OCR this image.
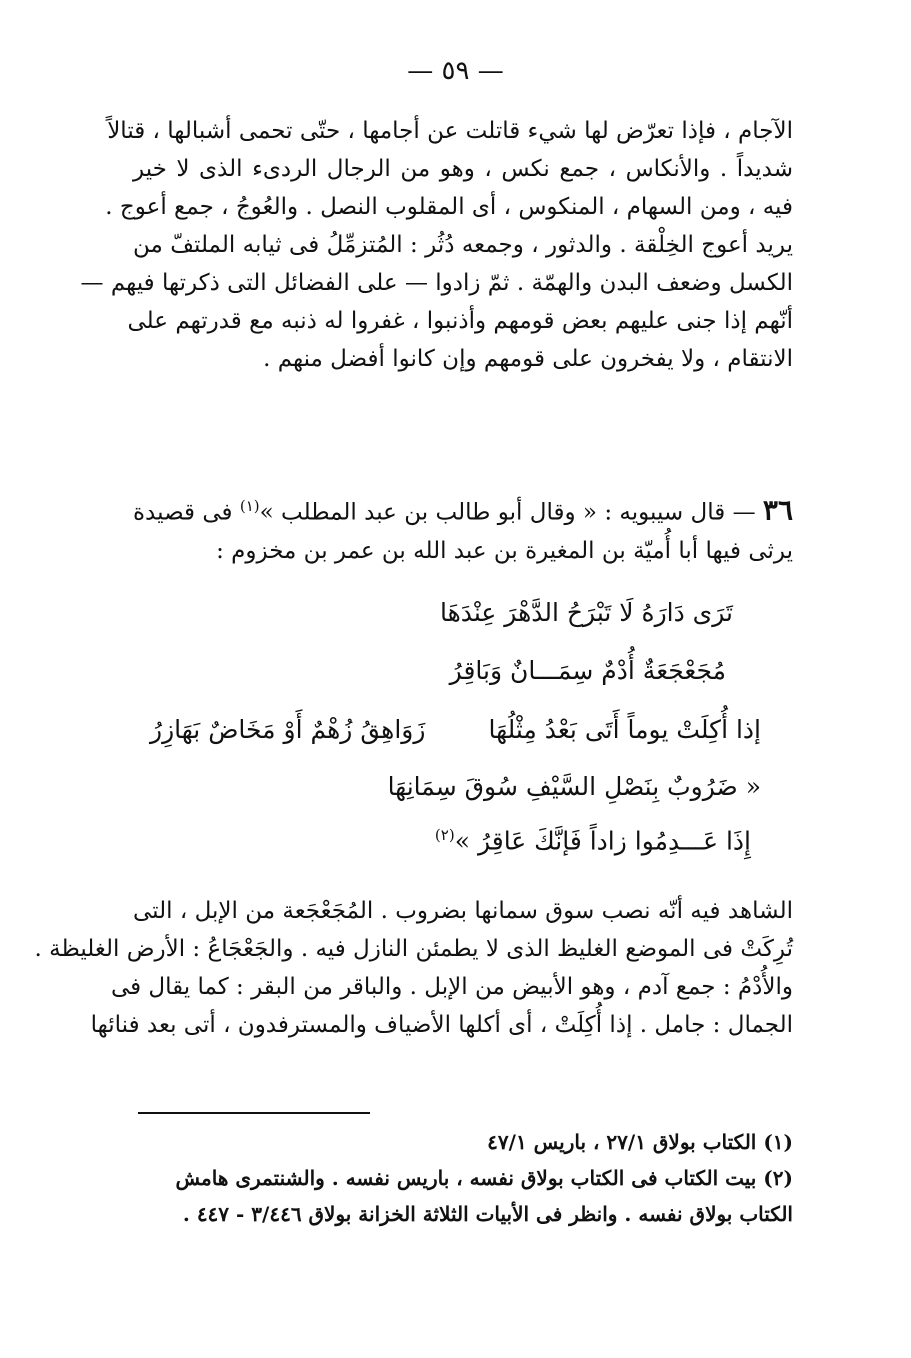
— ٥٩ —
الآجام ، فإذا تعرّض لها شيء قاتلت عن أجامها ، حتّى تحمى أشبالها ، قتالاً
شديداً . والأنكاس ، جمع نكس ، وهو من الرجال الردىء الذى لا خير
فيه ، ومن السهام ، المنكوس ، أى المقلوب النصل . والعُوجُ ، جمع أعوج .
يريد أعوج الخِلْقة . والدثور ، وجمعه دُثُر : المُتزمِّلُ فى ثيابه الملتفّ من
الكسل وضعف البدن والهمّة . ثمّ زادوا — على الفضائل التى ذكرتها فيهم —
أنّهم إذا جنى عليهم بعض قومهم وأذنبوا ، غفروا له ذنبه مع قدرتهم على
الانتقام ، ولا يفخرون على قومهم وإن كانوا أفضل منهم .
٣٦ — قال سيبويه : « وقال أبو طالب بن عبد المطلب »$^{(١)}$ فى قصيدة
يرثى فيها أبا أُميّة بن المغيرة بن عبد الله بن عمر بن مخزوم :
تَرَى دَارَهُ لَا تَبْرَحُ الدَّهْرَ عِنْدَهَا
مُجَعْجَعَةٌ أُدْمٌ سِمَـــانٌ وَبَاقِرُ
إذا أُكِلَتْ يوماً أَتَى بَعْدُ مِثْلُهَا
زَوَاهِقُ زُهْمٌ أَوْ مَخَاضٌ بَهَازِرُ
« ضَرُوبٌ بِنَصْلِ السَّيْفِ سُوقَ سِمَانِهَا
إِذَا عَـــدِمُوا زاداً فَإنَّكَ عَاقِرُ »$^{(٢)}$
الشاهد فيه أنّه نصب سوق سمانها بضروب . المُجَعْجَعة من الإبل ، التى
تُرِكَتْ فى الموضع الغليظ الذى لا يطمئن النازل فيه . والجَعْجَاعُ : الأرض الغليظة .
والأُدْمُ : جمع آدم ، وهو الأبيض من الإبل . والباقر من البقر : كما يقال فى
الجمال : جامل . إذا أُكِلَتْ ، أى أكلها الأضياف والمسترفدون ، أتى بعد فنائها
(١) الكتاب بولاق ٢٧/١ ، باريس ٤٧/١
(٢) بيت الكتاب فى الكتاب بولاق نفسه ، باريس نفسه . والشنتمرى هامش
الكتاب بولاق نفسه . وانظر فى الأبيات الثلاثة الخزانة بولاق ٣/٤٤٦ - ٤٤٧ .
